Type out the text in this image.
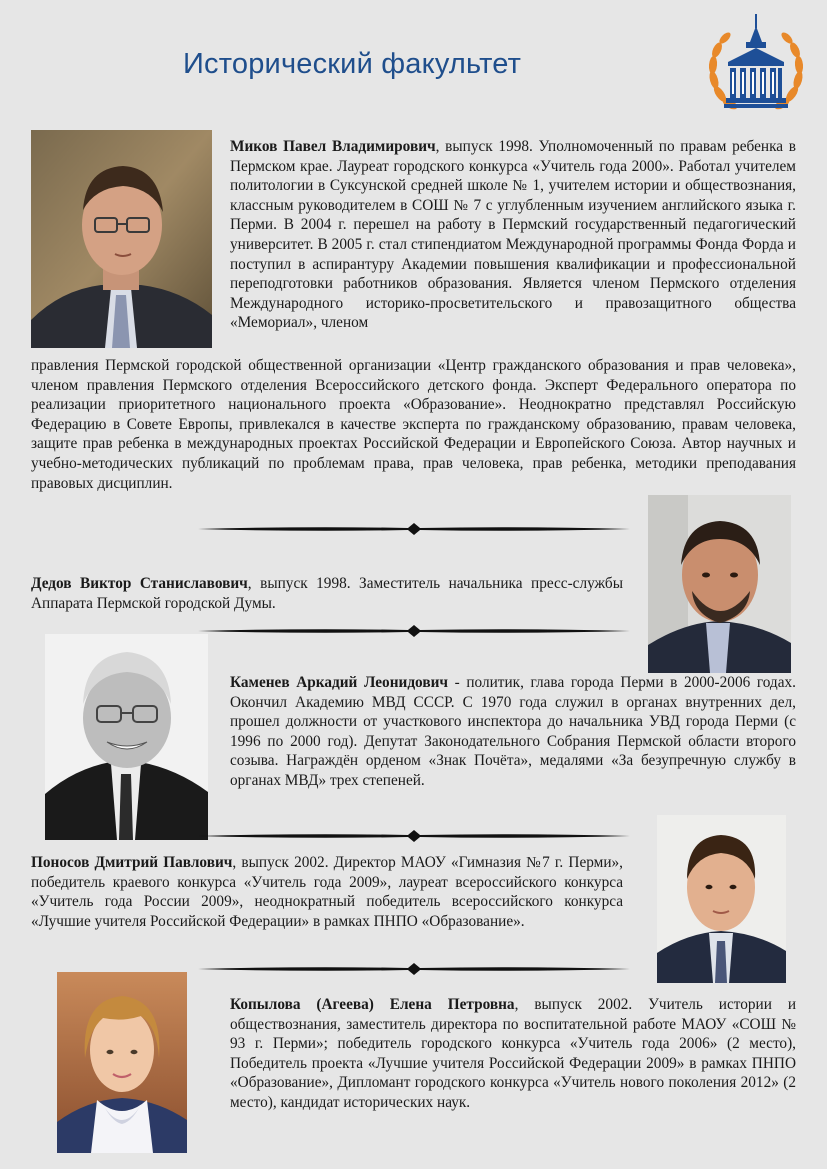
Исторический факультет
Миков Павел Владимирович, выпуск 1998. Уполномоченный по правам ребенка в Пермском крае. Лауреат городского конкурса «Учитель года 2000». Работал учителем политологии в Суксунской средней школе № 1, учителем истории и обществознания, классным руководителем в СОШ № 7 с углубленным изучением английского языка г. Перми. В 2004 г. перешел на работу в Пермский государственный педагогический университет. В 2005 г. стал стипендиатом Международной программы Фонда Форда и поступил в аспирантуру Академии повышения квалификации и профессиональной переподготовки работников образования. Является членом Пермского отделения Международного историко-просветительского и правозащитного общества «Мемориал», членом
правления Пермской городской общественной организации «Центр гражданского образования и прав человека», членом правления Пермского отделения Всероссийского детского фонда. Эксперт Федерального оператора по реализации приоритетного национального проекта «Образование». Неоднократно представлял Российскую Федерацию в Совете Европы, привлекался в качестве эксперта по гражданскому образованию, правам человека, защите прав ребенка в международных проектах Российской Федерации и Европейского Союза. Автор научных и учебно-методических публикаций по проблемам права, прав человека, прав ребенка, методики преподавания правовых дисциплин.
Дедов Виктор Станиславович, выпуск 1998. Заместитель начальника пресс-службы Аппарата Пермской городской Думы.
Каменев Аркадий Леонидович - политик, глава города Перми в 2000-2006 годах. Окончил Академию МВД СССР. С 1970 года служил в органах внутренних дел, прошел должности от участкового инспектора до начальника УВД города Перми (с 1996 по 2000 год). Депутат Законодательного Собрания Пермской области второго созыва. Награждён орденом «Знак Почёта», медалями «За безупречную службу в органах МВД» трех степеней.
Поносов Дмитрий Павлович, выпуск 2002. Директор МАОУ «Гимназия №7 г. Перми», победитель краевого конкурса «Учитель года 2009», лауреат всероссийского конкурса «Учитель года России 2009», неоднократный победитель всероссийского конкурса «Лучшие учителя Российской Федерации» в рамках ПНПО «Образование».
Копылова (Агеева) Елена Петровна, выпуск 2002. Учитель истории и обществознания, заместитель директора по воспитательной работе МАОУ «СОШ № 93 г. Перми»; победитель городского конкурса «Учитель года 2006» (2 место), Победитель проекта «Лучшие учителя Российской Федерации 2009» в рамках ПНПО «Образование», Дипломант городского конкурса «Учитель нового поколения 2012» (2 место), кандидат исторических наук.
